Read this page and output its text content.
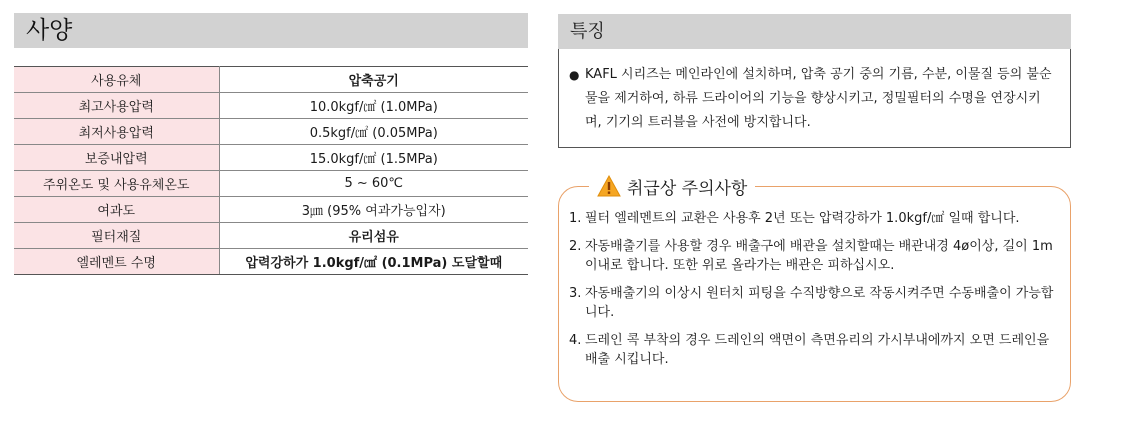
사양
사용유체	압축공기
최고사용압력	10.0kgf/㎠ (1.0MPa)
최저사용압력	0.5kgf/㎠ (0.05MPa)
보증내압력	15.0kgf/㎠ (1.5MPa)
주위온도 및 사용유체온도	5 ~ 60℃
여과도	3㎛ (95% 여과가능입자)
필터재질	유리섬유
엘레멘트 수명	압력강하가 1.0kgf/㎠ (0.1MPa) 도달할때
특징
● KAFL 시리즈는 메인라인에 설치하며, 압축 공기 중의 기름, 수분, 이물질 등의 불순물을 제거하여, 하류 드라이어의 기능을 향상시키고, 정밀필터의 수명을 연장시키며, 기기의 트러블을 사전에 방지합니다.
취급상 주의사항
1. 필터 엘레멘트의 교환은 사용후 2년 또는 압력강하가 1.0kgf/㎠ 일때 합니다.
2. 자동배출기를 사용할 경우 배출구에 배관을 설치할때는 배관내경 4ø이상, 길이 1m 이내로 합니다. 또한 위로 올라가는 배관은 피하십시오.
3. 자동배출기의 이상시 원터치 피팅을 수직방향으로 작동시켜주면 수동배출이 가능합니다.
4. 드레인 콕 부착의 경우 드레인의 액면이 측면유리의 가시부내에까지 오면 드레인을 배출 시킵니다.
